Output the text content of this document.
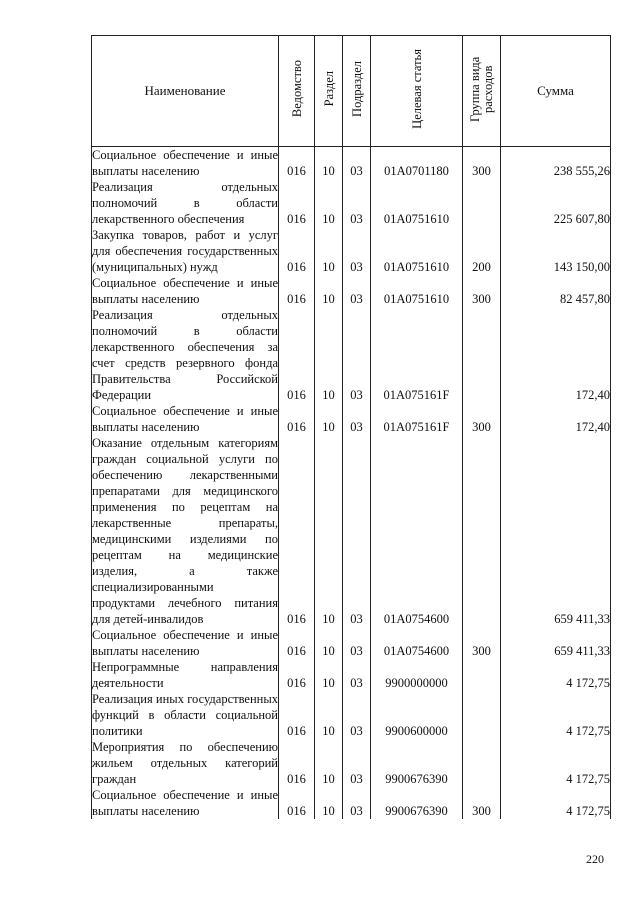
Наименование	Ведомство	Раздел	Подраздел	Целевая статья	Группа вида расходов	Сумма
Социальное обеспечение и иные выплаты населению	016	10	03	01А0701180	300	238 555,26
Реализация отдельных полномочий в области лекарственного обеспечения	016	10	03	01А0751610		225 607,80
Закупка товаров, работ и услуг для обеспечения государственных (муниципальных) нужд	016	10	03	01А0751610	200	143 150,00
Социальное обеспечение и иные выплаты населению	016	10	03	01А0751610	300	82 457,80
Реализация отдельных полномочий в области лекарственного обеспечения за счет средств резервного фонда Правительства Российской Федерации	016	10	03	01А075161F		172,40
Социальное обеспечение и иные выплаты населению	016	10	03	01А075161F	300	172,40
Оказание отдельным категориям граждан социальной услуги по обеспечению лекарственными препаратами для медицинского применения по рецептам на лекарственные препараты, медицинскими изделиями по рецептам на медицинские изделия, а также специализированными продуктами лечебного питания для детей-инвалидов	016	10	03	01А0754600		659 411,33
Социальное обеспечение и иные выплаты населению	016	10	03	01А0754600	300	659 411,33
Непрограммные направления деятельности	016	10	03	9900000000		4 172,75
Реализация иных государственных функций в области социальной политики	016	10	03	9900600000		4 172,75
Мероприятия по обеспечению жильем отдельных категорий граждан	016	10	03	9900676390		4 172,75
Социальное обеспечение и иные выплаты населению	016	10	03	9900676390	300	4 172,75
220
